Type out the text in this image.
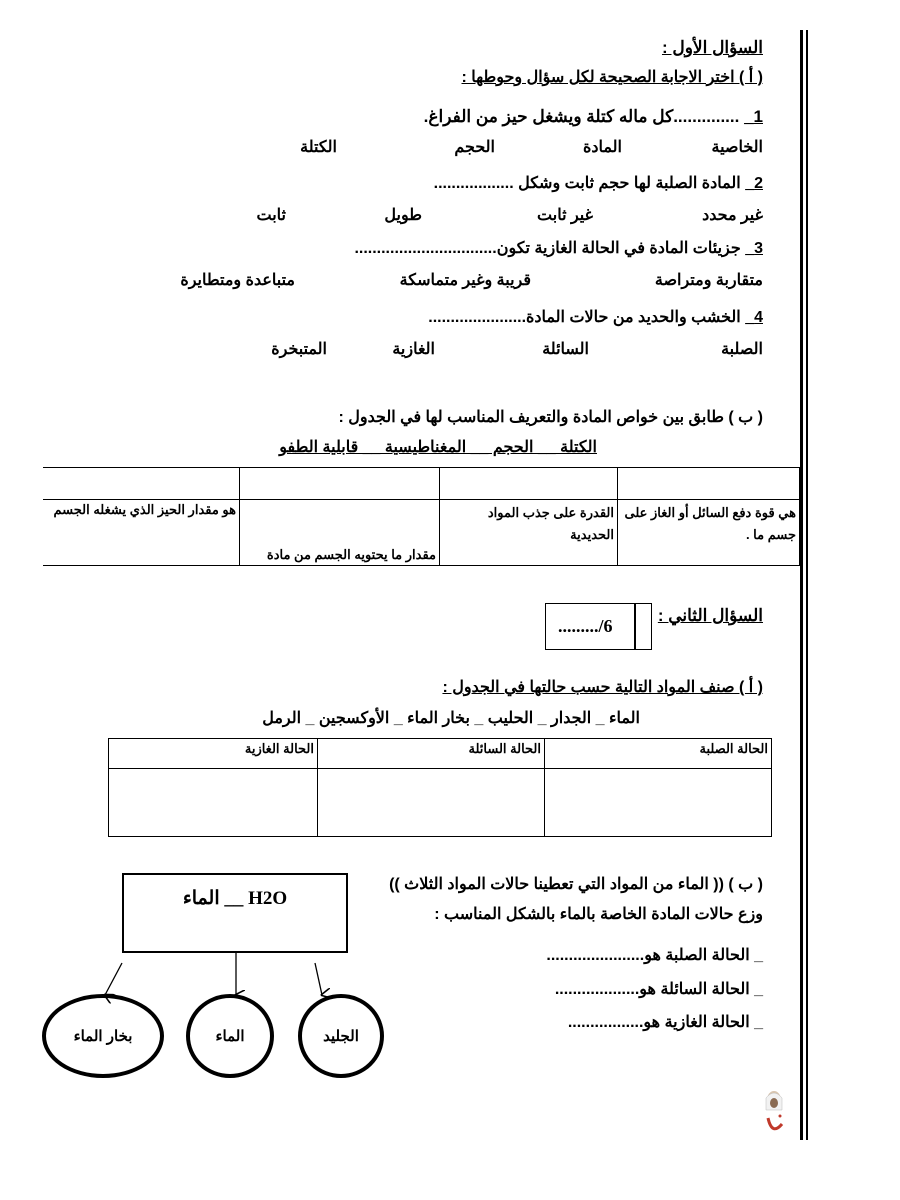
السؤال الأول :
( أ ) اختر الاجابة الصحيحة لكل سؤال وحوطها :
1_ ..............كل ماله كتلة ويشغل حيز من الفراغ.
الخاصية
المادة
الحجم
الكتلة
2_ المادة الصلبة لها حجم ثابت وشكل ..................
غير محدد
غير ثابت
طويل
ثابت
3_ جزيئات المادة في الحالة الغازية تكون................................
متقاربة ومتراصة
قريبة وغير متماسكة
متباعدة ومتطايرة
4_ الخشب والحديد من حالات المادة......................
الصلبة
السائلة
الغازية
المتبخرة
( ب ) طابق بين خواص المادة والتعريف المناسب لها في الجدول :
الكتلة __ الحجم __ المغناطيسية __ قابلية الطفو

هي قوة دفع السائل أو الغاز على جسم ما .	القدرة على جذب المواد الحديدية	مقدار ما يحتويه الجسم من مادة	هو مقدار الحيز الذي يشغله الجسم
السؤال الثاني :
........./6
( أ ) صنف المواد التالية حسب حالتها في الجدول :
الماء _ الجدار _ الحليب _ بخار الماء _ الأوكسجين _ الرمل
الحالة الصلبة	الحالة السائلة	الحالة الغازية

( ب ) (( الماء من المواد التي تعطينا حالات المواد الثلاث ))
وزع حالات المادة الخاصة بالماء بالشكل المناسب :
_ الحالة الصلبة هو......................
_ الحالة السائلة هو...................
_ الحالة الغازية هو.................
H2O __ الماء
بخار الماء	الماء	الجليد
